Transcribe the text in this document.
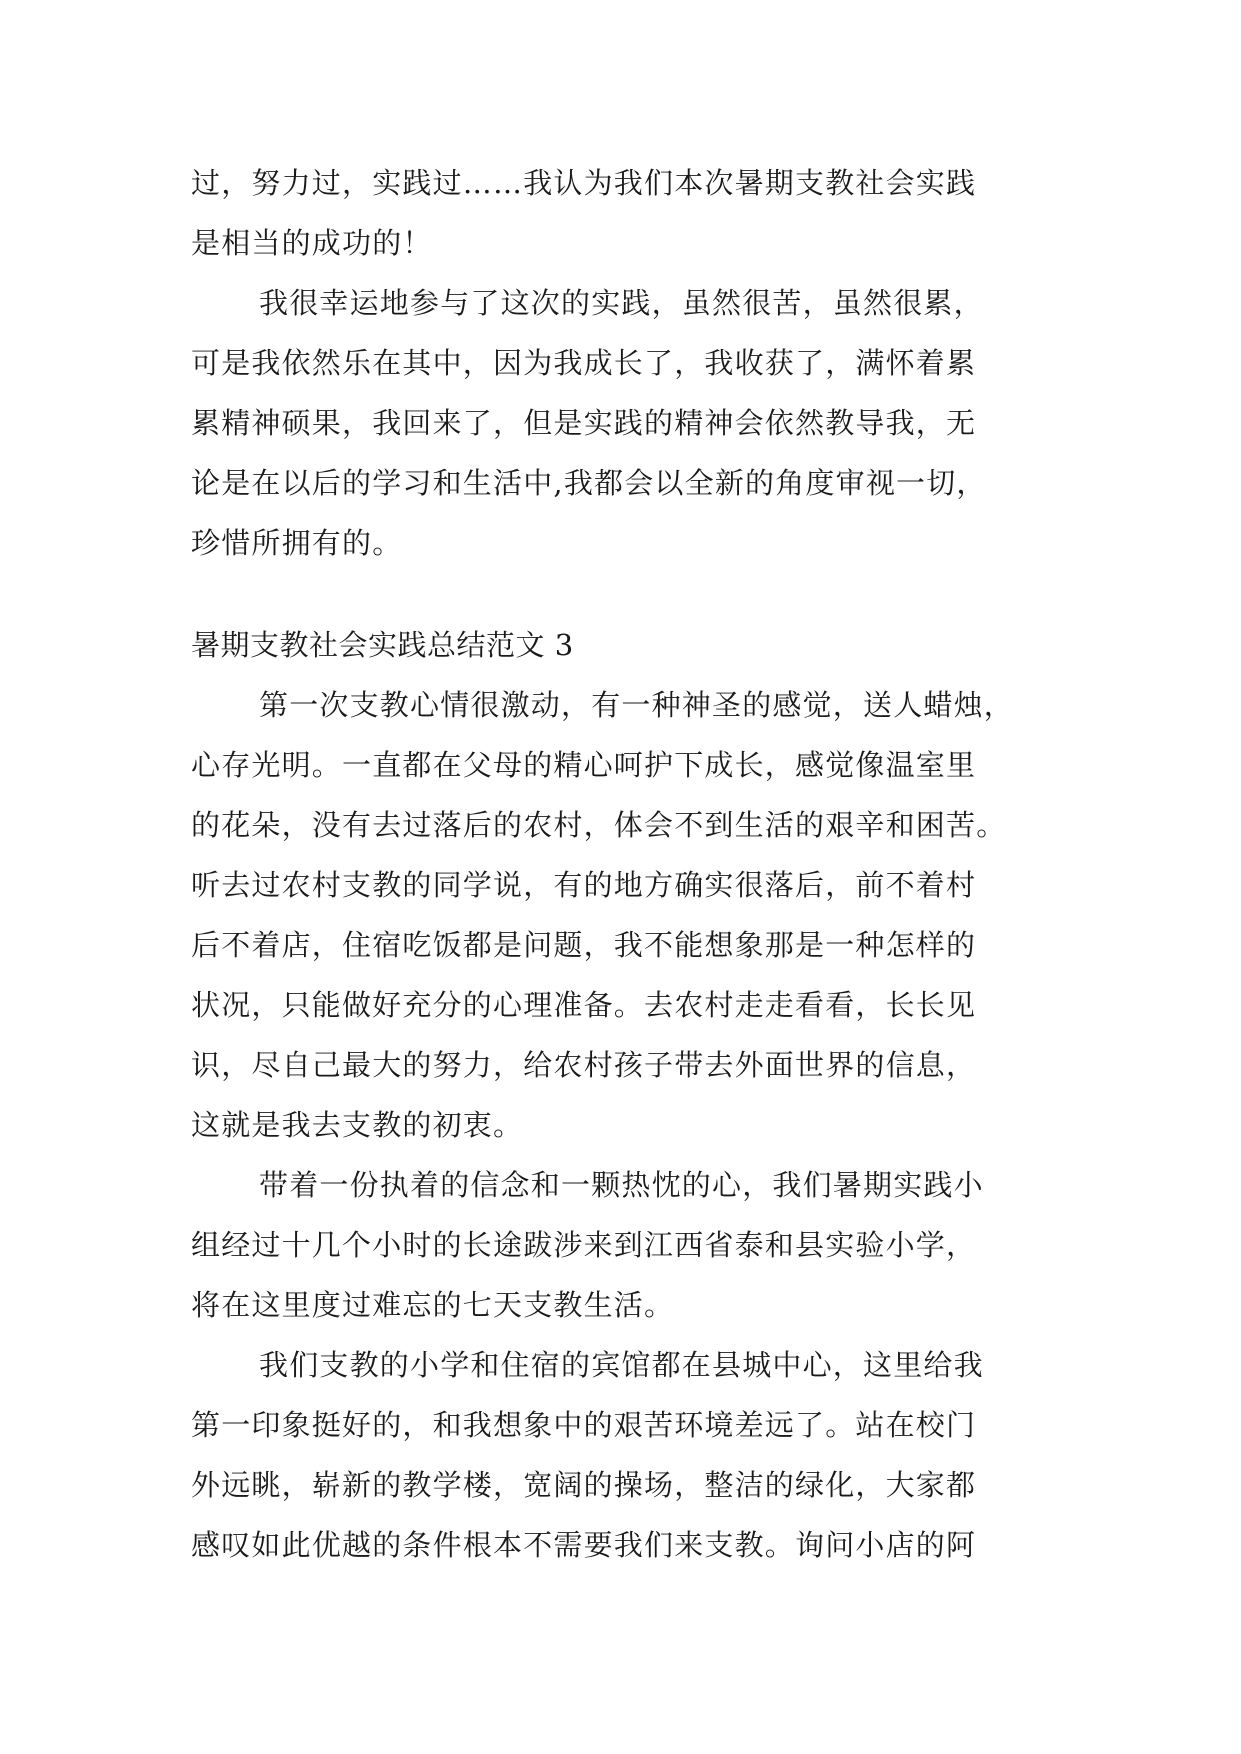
过，努力过，实践过……我认为我们本次暑期支教社会实践
是相当的成功的！
我很幸运地参与了这次的实践，虽然很苦，虽然很累，
可是我依然乐在其中，因为我成长了，我收获了，满怀着累
累精神硕果，我回来了，但是实践的精神会依然教导我，无
论是在以后的学习和生活中,我都会以全新的角度审视一切，
珍惜所拥有的。
暑期支教社会实践总结范文 3
第一次支教心情很激动，有一种神圣的感觉，送人蜡烛，
心存光明。一直都在父母的精心呵护下成长，感觉像温室里
的花朵，没有去过落后的农村，体会不到生活的艰辛和困苦。
听去过农村支教的同学说，有的地方确实很落后，前不着村
后不着店，住宿吃饭都是问题，我不能想象那是一种怎样的
状况，只能做好充分的心理准备。去农村走走看看，长长见
识，尽自己最大的努力，给农村孩子带去外面世界的信息，
这就是我去支教的初衷。
带着一份执着的信念和一颗热忱的心，我们暑期实践小
组经过十几个小时的长途跋涉来到江西省泰和县实验小学，
将在这里度过难忘的七天支教生活。
我们支教的小学和住宿的宾馆都在县城中心，这里给我
第一印象挺好的，和我想象中的艰苦环境差远了。站在校门
外远眺，崭新的教学楼，宽阔的操场，整洁的绿化，大家都
感叹如此优越的条件根本不需要我们来支教。询问小店的阿
